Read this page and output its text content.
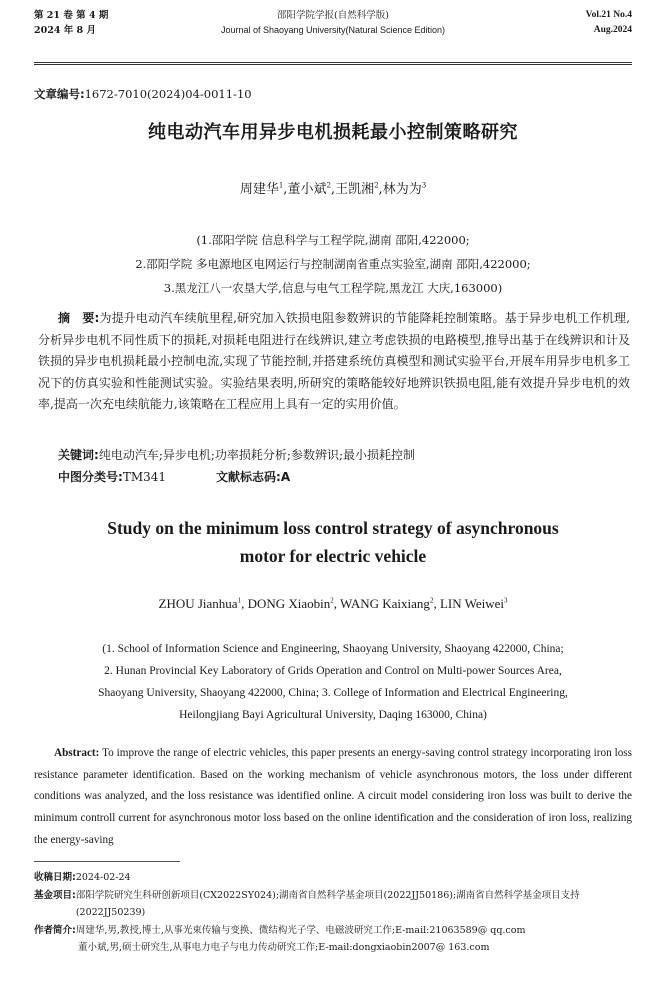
第 21 卷 第 4 期
2024 年 8 月
邵阳学院学报(自然科学版)
Journal of Shaoyang University(Natural Science Edition)
Vol.21 No.4
Aug.2024
文章编号:1672-7010(2024)04-0011-10
纯电动汽车用异步电机损耗最小控制策略研究
周建华$^1$,董小斌$^2$,王凯湘$^2$,林为为$^3$
(1.邵阳学院 信息科学与工程学院,湖南 邵阳,422000;
2.邵阳学院 多电源地区电网运行与控制湖南省重点实验室,湖南 邵阳,422000;
3.黑龙江八一农垦大学,信息与电气工程学院,黑龙江 大庆,163000)
摘　要:为提升电动汽车续航里程,研究加入铁损电阻参数辨识的节能降耗控制策略。基于异步电机工作机理,分析异步电机不同性质下的损耗,对损耗电阻进行在线辨识,建立考虑铁损的电路模型,推导出基于在线辨识和计及铁损的异步电机损耗最小控制电流,实现了节能控制,并搭建系统仿真模型和测试实验平台,开展车用异步电机多工况下的仿真实验和性能测试实验。实验结果表明,所研究的策略能较好地辨识铁损电阻,能有效提升异步电机的效率,提高一次充电续航能力,该策略在工程应用上具有一定的实用价值。
关键词:纯电动汽车;异步电机;功率损耗分析;参数辨识;最小损耗控制
中图分类号:TM341	文献标志码:A
Study on the minimum loss control strategy of asynchronous
motor for electric vehicle
ZHOU Jianhua$^1$, DONG Xiaobin$^2$, WANG Kaixiang$^2$, LIN Weiwei$^3$
(1. School of Information Science and Engineering, Shaoyang University, Shaoyang 422000, China;
2. Hunan Provincial Key Laboratory of Grids Operation and Control on Multi-power Sources Area,
Shaoyang University, Shaoyang 422000, China; 3. College of Information and Electrical Engineering,
Heilongjiang Bayi Agricultural University, Daqing 163000, China)
Abstract: To improve the range of electric vehicles, this paper presents an energy-saving control strategy incorporating iron loss resistance parameter identification. Based on the working mechanism of vehicle asynchronous motors, the loss under different conditions was analyzed, and the loss resistance was identified online. A circuit model considering iron loss was built to derive the minimum controll current for asynchronous motor loss based on the online identification and the consideration of iron loss, realizing the energy-saving
收稿日期: 2024-02-24
基金项目: 邵阳学院研究生科研创新项目(CX2022SY024);湖南省自然科学基金项目(2022JJ50186);湖南省自然科学基金项目支持(2022JJ50239)
作者简介: 周建华,男,教授,博士,从事光束传输与变换、微结构光子学、电磁波研究工作;E-mail:21063589@ qq.com
董小斌,男,硕士研究生,从事电力电子与电力传动研究工作;E-mail:dongxiaobin2007@ 163.com
